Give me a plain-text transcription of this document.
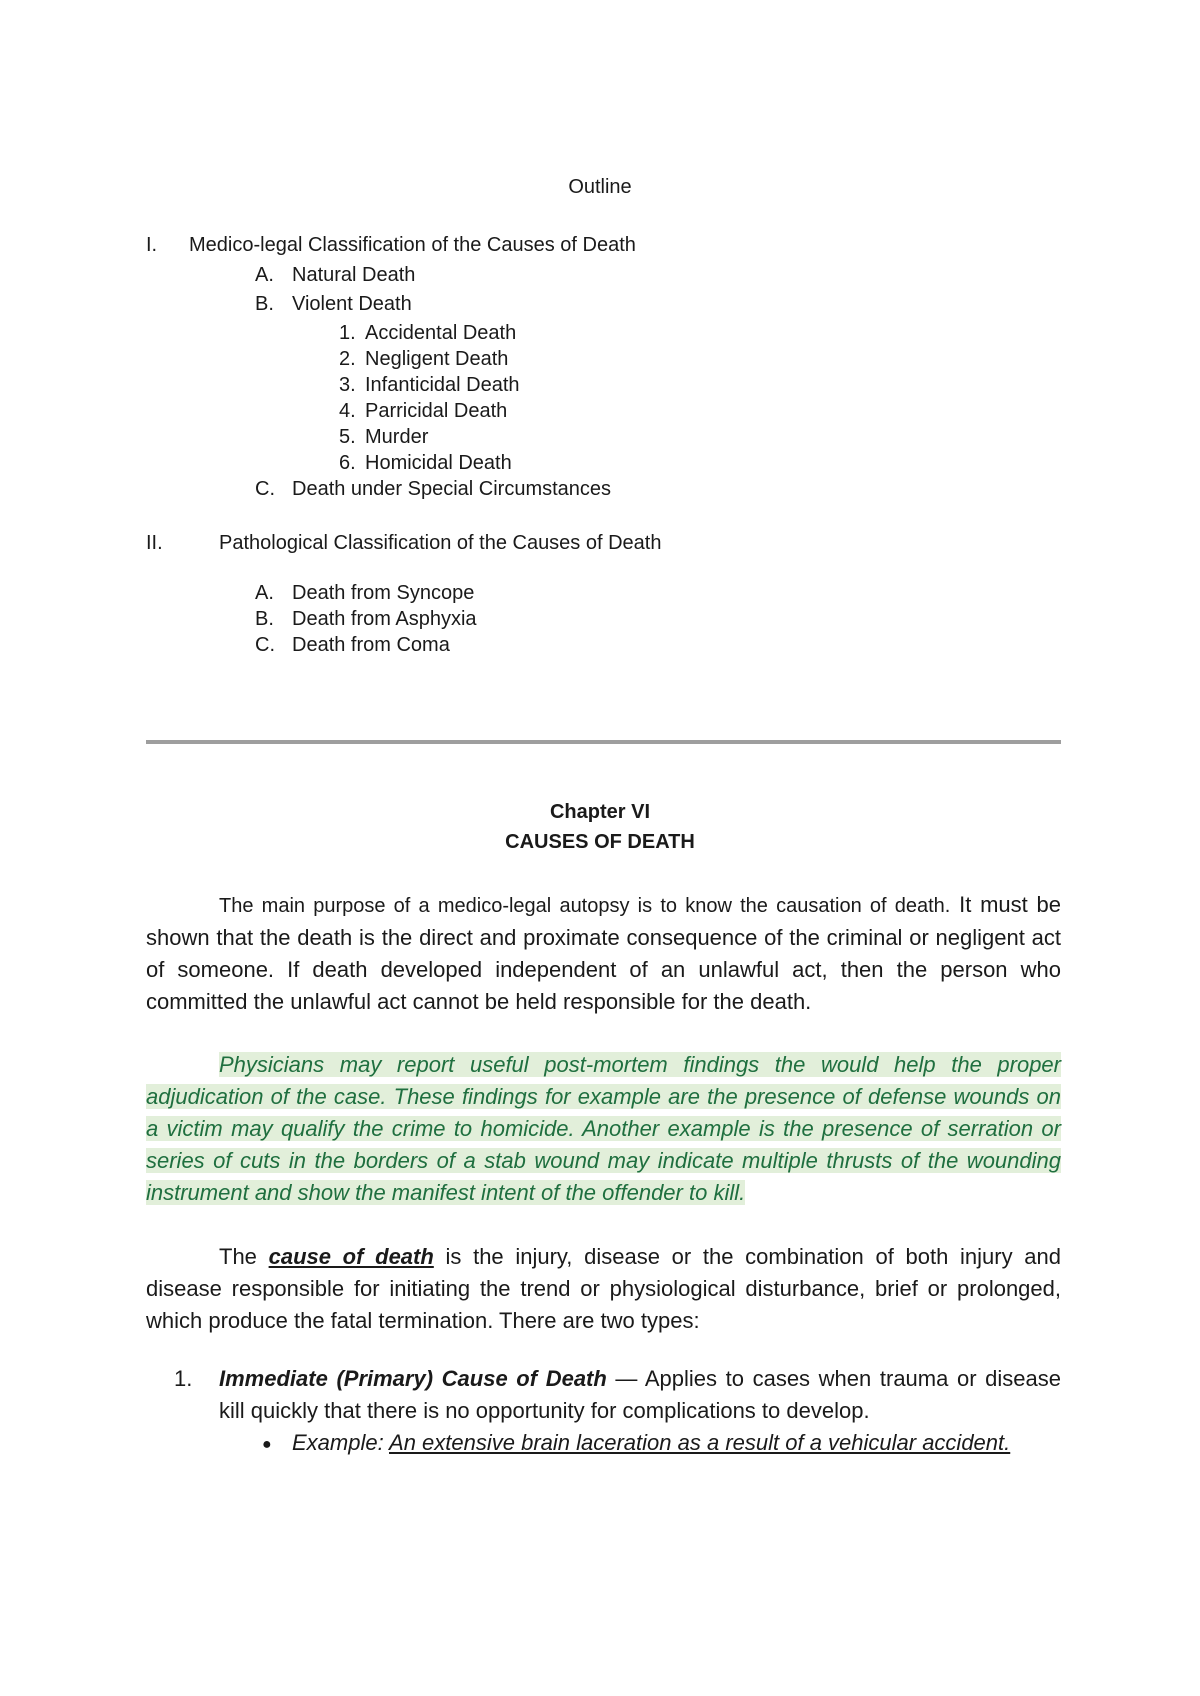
Outline
I. Medico-legal Classification of the Causes of Death
A. Natural Death
B. Violent Death
1. Accidental Death
2. Negligent Death
3. Infanticidal Death
4. Parricidal Death
5. Murder
6. Homicidal Death
C. Death under Special Circumstances
II.	Pathological Classification of the Causes of Death
A. Death from Syncope
B. Death from Asphyxia
C. Death from Coma
Chapter VI
CAUSES OF DEATH
The main purpose of a medico-legal autopsy is to know the causation of death. It must be shown that the death is the direct and proximate consequence of the criminal or negligent act of someone. If death developed independent of an unlawful act, then the person who committed the unlawful act cannot be held responsible for the death.
Physicians may report useful post-mortem findings the would help the proper adjudication of the case. These findings for example are the presence of defense wounds on a victim may qualify the crime to homicide. Another example is the presence of serration or series of cuts in the borders of a stab wound may indicate multiple thrusts of the wounding instrument and show the manifest intent of the offender to kill.
The cause of death is the injury, disease or the combination of both injury and disease responsible for initiating the trend or physiological disturbance, brief or prolonged, which produce the fatal termination. There are two types:
1. Immediate (Primary) Cause of Death — Applies to cases when trauma or disease kill quickly that there is no opportunity for complications to develop.
● Example: An extensive brain laceration as a result of a vehicular accident.
